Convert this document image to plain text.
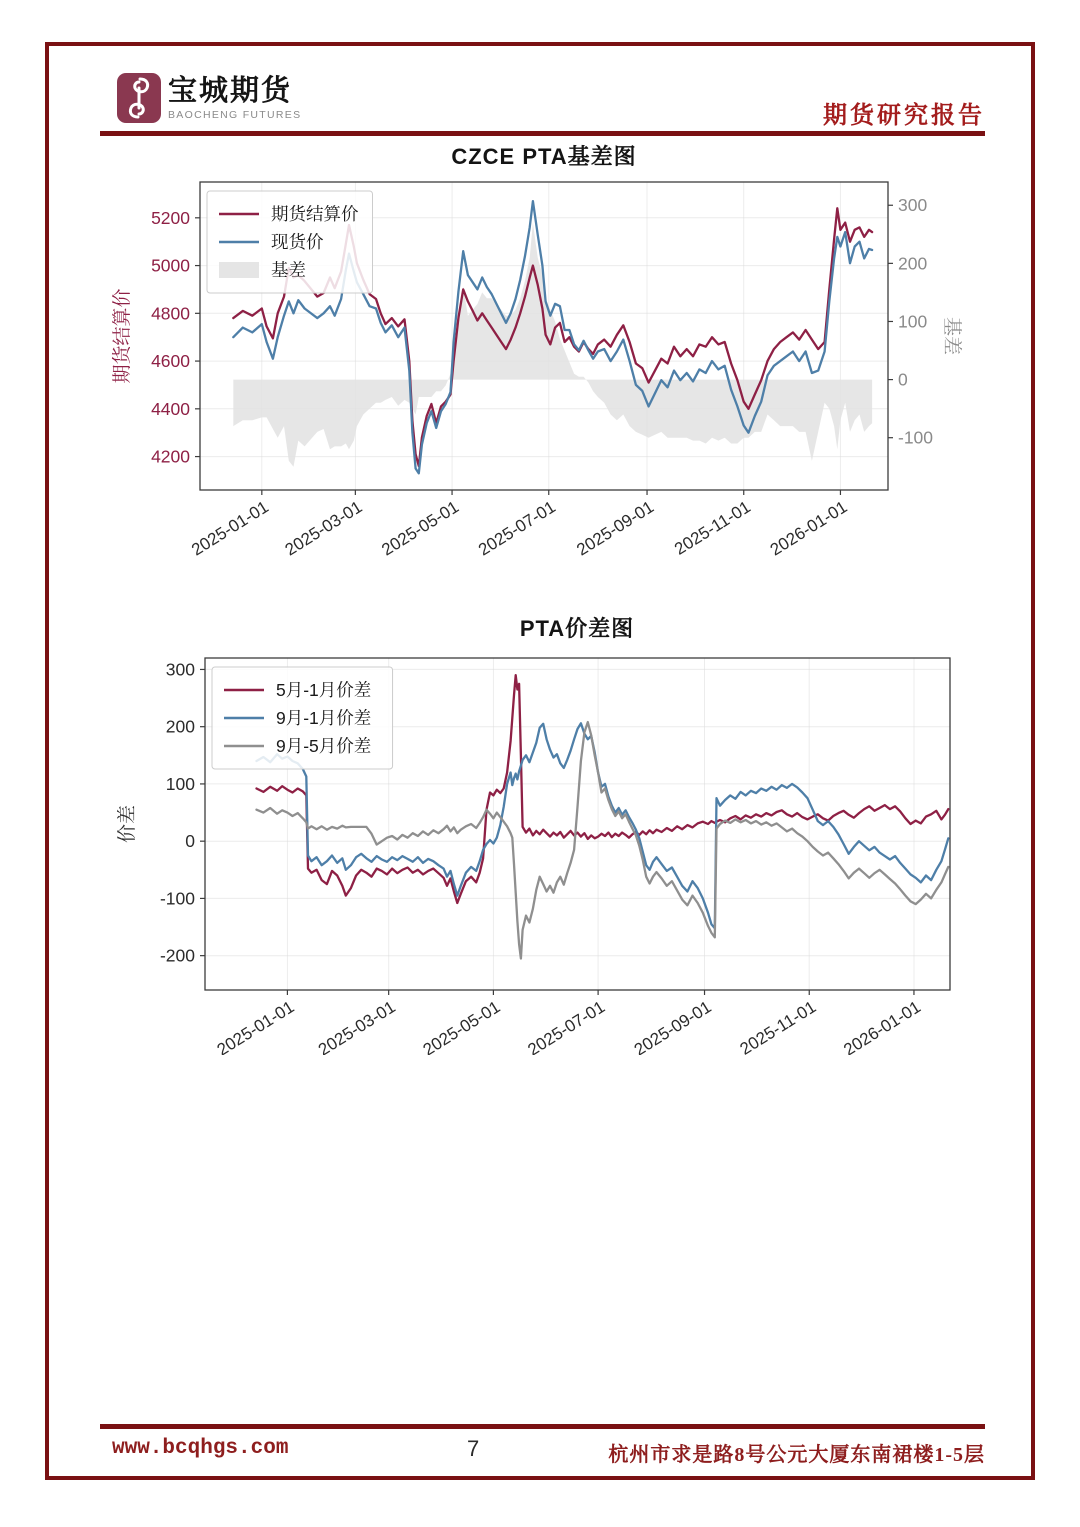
宝城期货
BAOCHENG FUTURES	期货研究报告
CZCE PTA基差图
4200
4400
4600
4800
5000
5200
-100
0
100
200
300
2025-01-01 2025-03-01 2025-05-01 2025-07-01 2025-09-01 2025-11-01 2026-01-01
期货结算价	基差
期货结算价
现货价
基差
PTA价差图
-200
-100
0
100
200
300
2025-01-01 2025-03-01 2025-05-01 2025-07-01 2025-09-01 2025-11-01 2026-01-01
价差
5月-1月价差
9月-1月价差
9月-5月价差
www.bcqhgs.com	7	杭州市求是路8号公元大厦东南裙楼1-5层
